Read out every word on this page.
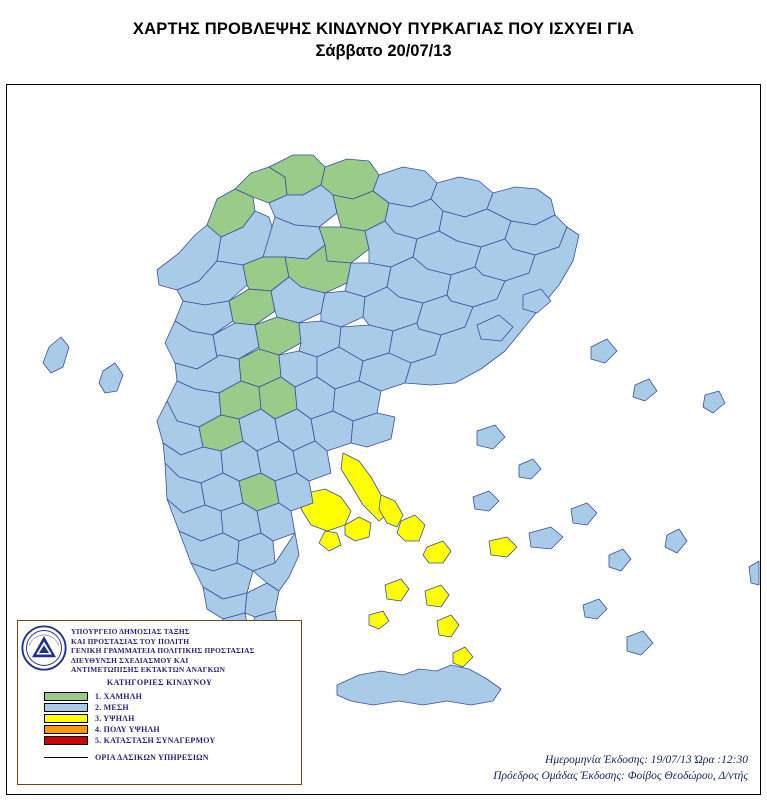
ΧΑΡΤΗΣ ΠΡΟΒΛΕΨΗΣ ΚΙΝΔΥΝΟΥ ΠΥΡΚΑΓΙΑΣ ΠΟΥ ΙΣΧΥΕΙ ΓΙΑ
Σάββατο 20/07/13
ΥΠΟΥΡΓΕΙΟ ΔΗΜΟΣΙΑΣ ΤΑΞΗΣ
ΚΑΙ ΠΡΟΣΤΑΣΙΑΣ ΤΟΥ ΠΟΛΙΤΗ
ΓΕΝΙΚΗ ΓΡΑΜΜΑΤΕΙΑ ΠΟΛΙΤΙΚΗΣ ΠΡΟΣΤΑΣΙΑΣ
ΔΙΕΥΘΥΝΣΗ ΣΧΕΔΙΑΣΜΟΥ ΚΑΙ
ΑΝΤΙΜΕΤΩΠΙΣΗΣ ΕΚΤΑΚΤΩΝ ΑΝΑΓΚΩΝ
ΚΑΤΗΓΟΡΙΕΣ ΚΙΝΔΥΝΟΥ
1. ΧΑΜΗΛΗ
2. ΜΕΣΗ
3. ΥΨΗΛΗ
4. ΠΟΛΥ ΥΨΗΛΗ
5. ΚΑΤΑΣΤΑΣΗ ΣΥΝΑΓΕΡΜΟΥ
ΟΡΙΑ ΔΑΣΙΚΩΝ ΥΠΗΡΕΣΙΩΝ	Ημερομηνία Έκδοσης: 19/07/13 Ώρα :12:30
Πρόεδρος Ομάδας Έκδοσης: Φοίβος Θεοδώρου, Δ/ντής
